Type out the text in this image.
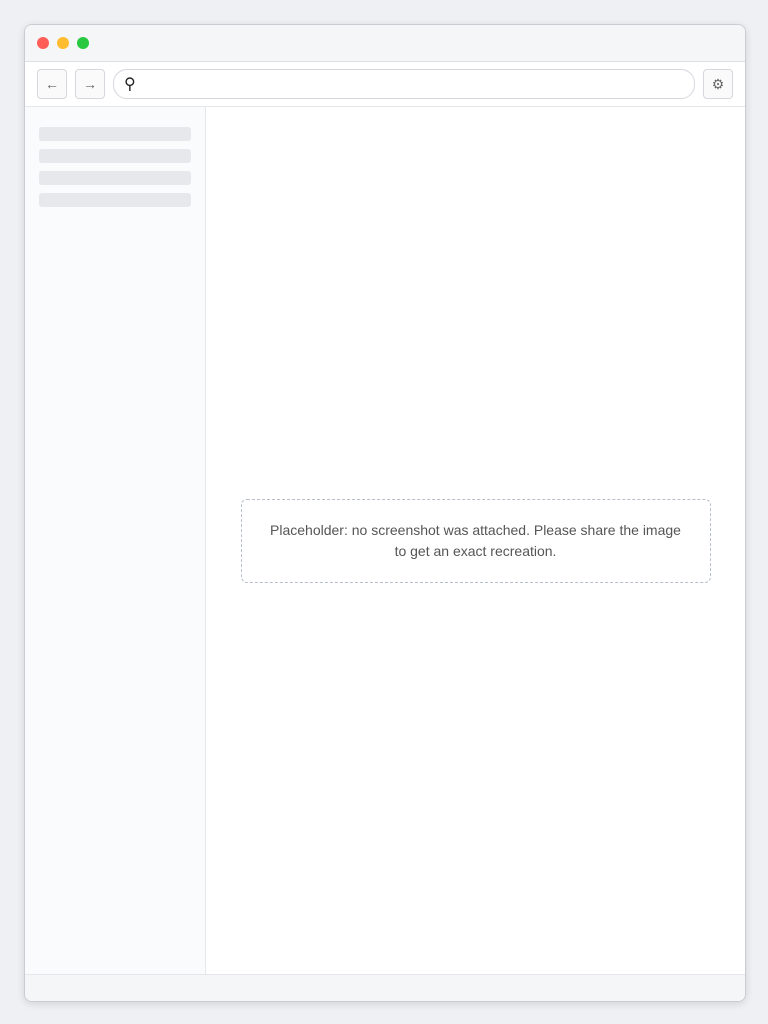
← → ⚲	⚙
Placeholder: no screenshot was attached. Please share the image to get an exact recreation.
